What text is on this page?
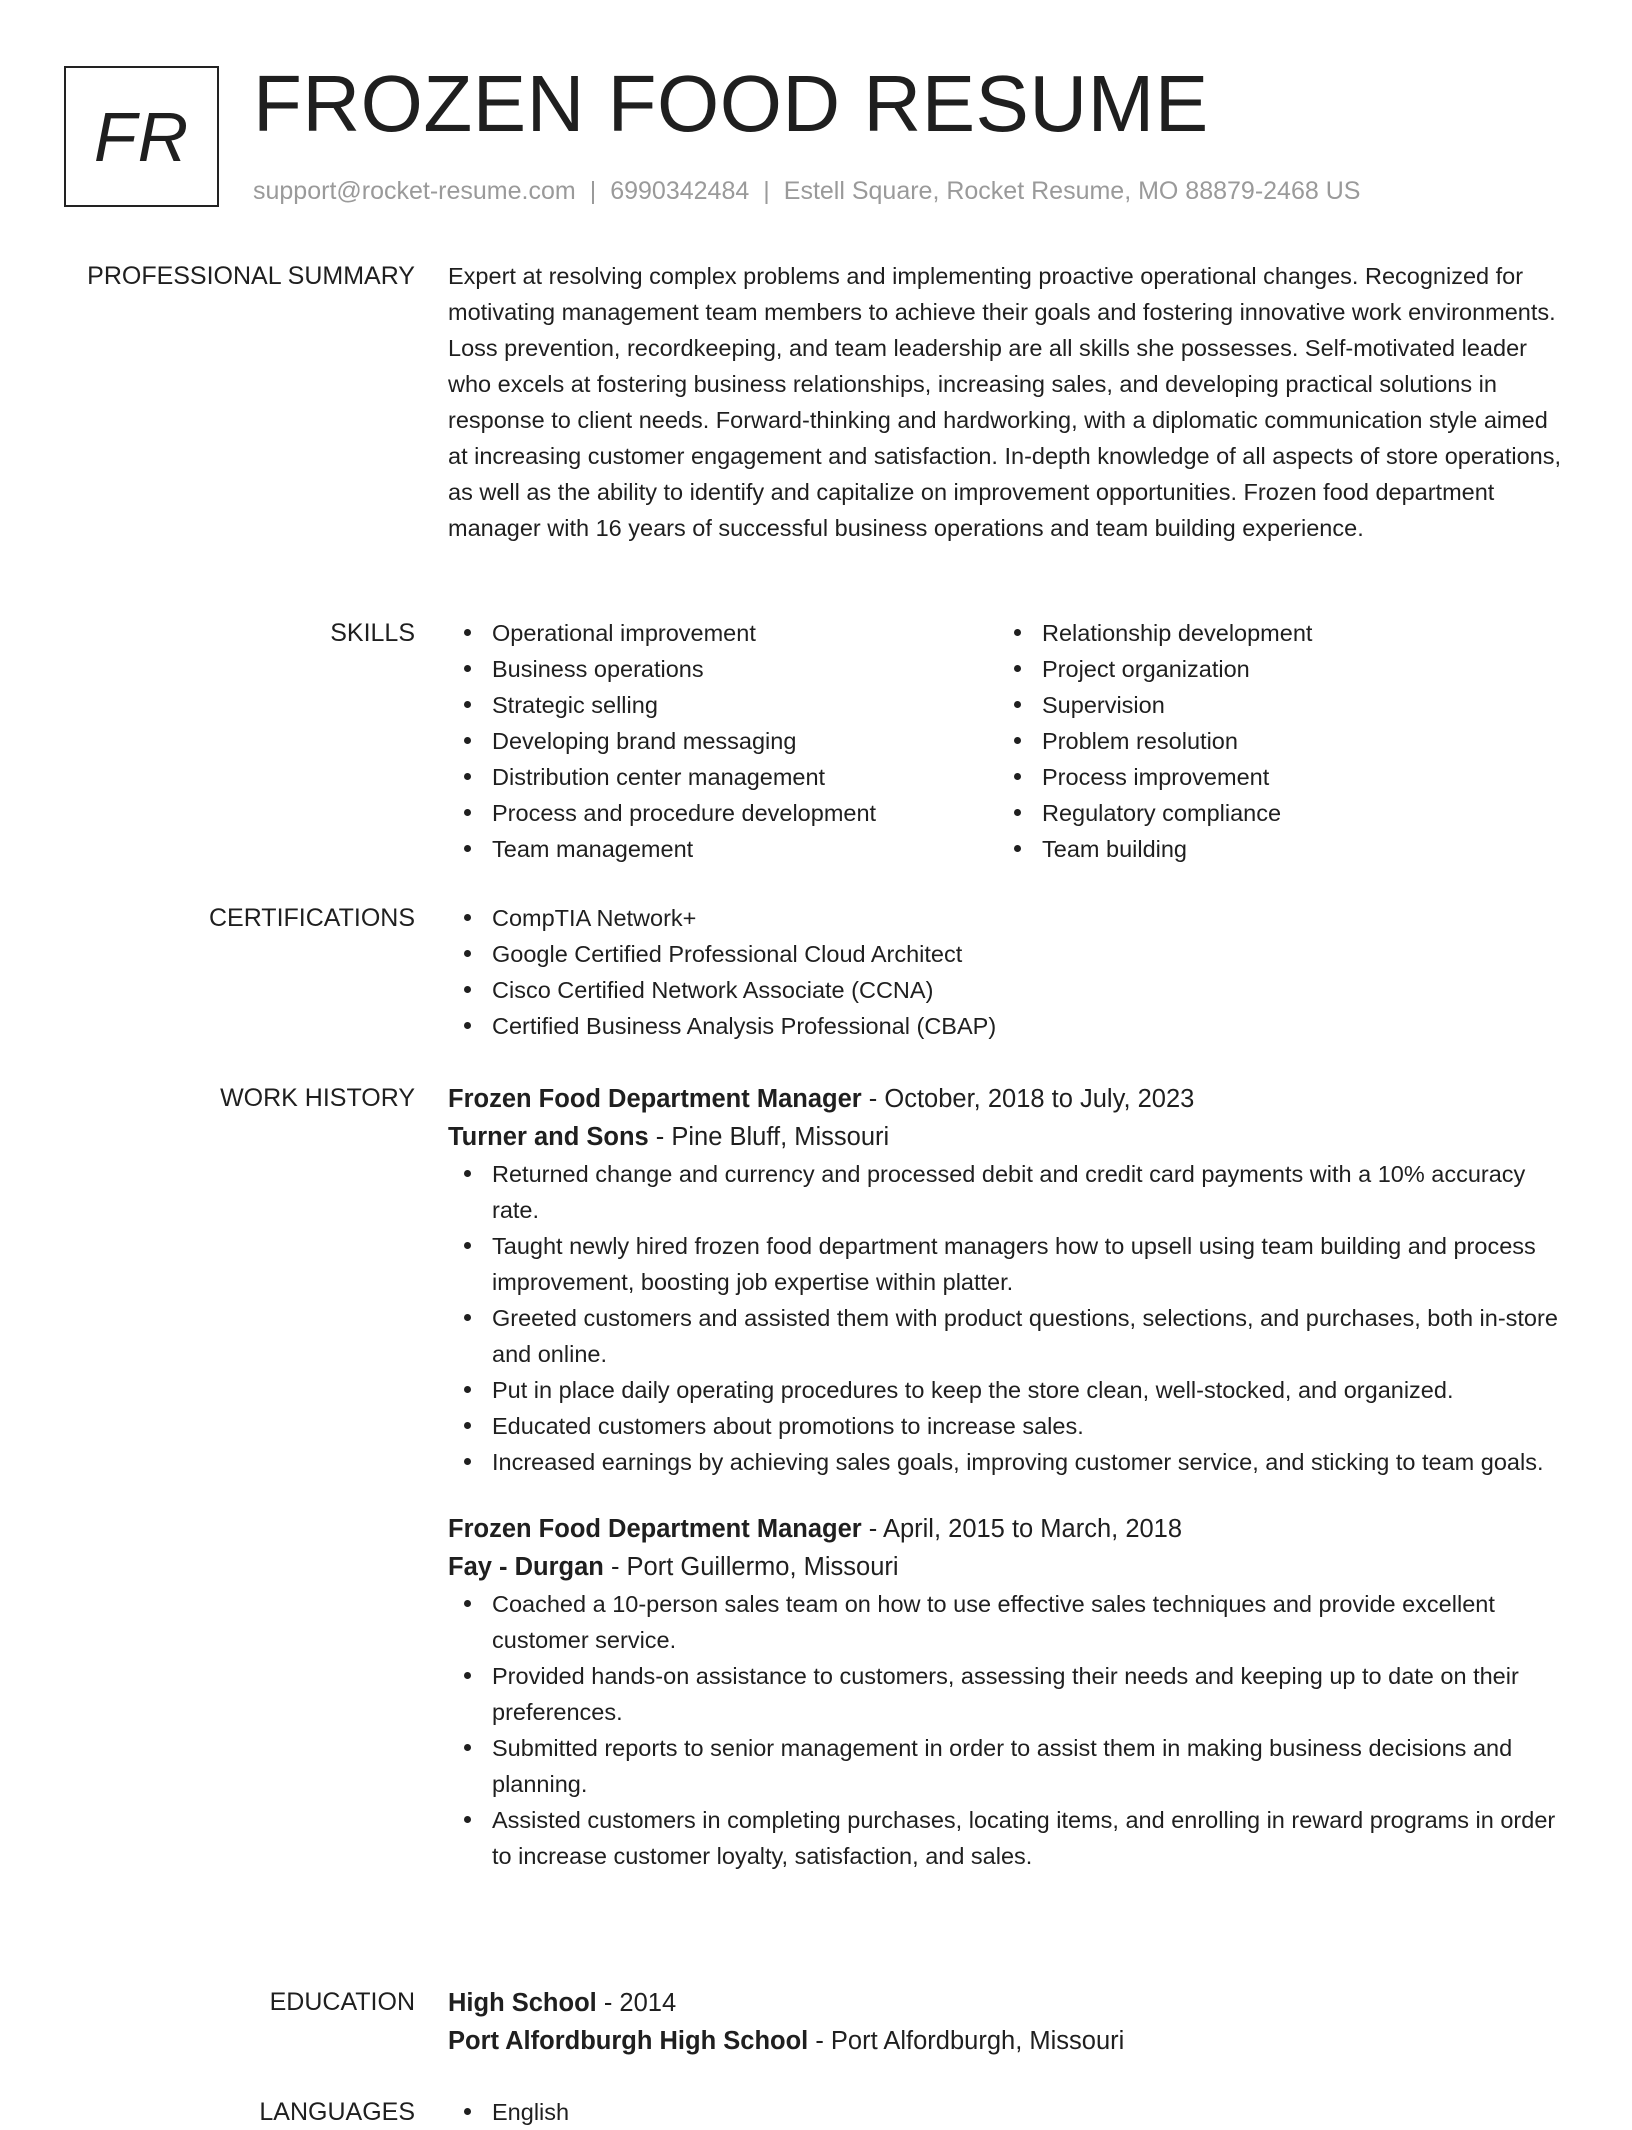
FR FROZEN FOOD RESUME
support@rocket-resume.com | 6990342484 | Estell Square, Rocket Resume, MO 88879-2468 US
PROFESSIONAL SUMMARY Expert at resolving complex problems and implementing proactive operational changes. Recognized for motivating management team members to achieve their goals and fostering innovative work environments. Loss prevention, recordkeeping, and team leadership are all skills she possesses. Self-motivated leader who excels at fostering business relationships, increasing sales, and developing practical solutions in response to client needs. Forward-thinking and hardworking, with a diplomatic communication style aimed at increasing customer engagement and satisfaction. In-depth knowledge of all aspects of store operations, as well as the ability to identify and capitalize on improvement opportunities. Frozen food department manager with 16 years of successful business operations and team building experience.

SKILLS	Operational improvement
Business operations
Strategic selling
Developing brand messaging
Distribution center management
Process and procedure development
Team management
Relationship development
Project organization
Supervision
Problem resolution
Process improvement
Regulatory compliance
Team building
CERTIFICATIONS	CompTIA Network+
Google Certified Professional Cloud Architect
Cisco Certified Network Associate (CCNA)
Certified Business Analysis Professional (CBAP)
WORK HISTORY Frozen Food Department Manager - October, 2018 to July, 2023
Turner and Sons - Pine Bluff, Missouri
Returned change and currency and processed debit and credit card payments with a 10% accuracy rate.
Taught newly hired frozen food department managers how to upsell using team building and process improvement, boosting job expertise within platter.
Greeted customers and assisted them with product questions, selections, and purchases, both in-store and online.
Put in place daily operating procedures to keep the store clean, well-stocked, and organized.
Educated customers about promotions to increase sales.
Increased earnings by achieving sales goals, improving customer service, and sticking to team goals.
Frozen Food Department Manager - April, 2015 to March, 2018
Fay - Durgan - Port Guillermo, Missouri
Coached a 10-person sales team on how to use effective sales techniques and provide excellent customer service.
Provided hands-on assistance to customers, assessing their needs and keeping up to date on their preferences.
Submitted reports to senior management in order to assist them in making business decisions and planning.
Assisted customers in completing purchases, locating items, and enrolling in reward programs in order to increase customer loyalty, satisfaction, and sales.
EDUCATION High School - 2014
Port Alfordburgh High School - Port Alfordburgh, Missouri
LANGUAGES	English
